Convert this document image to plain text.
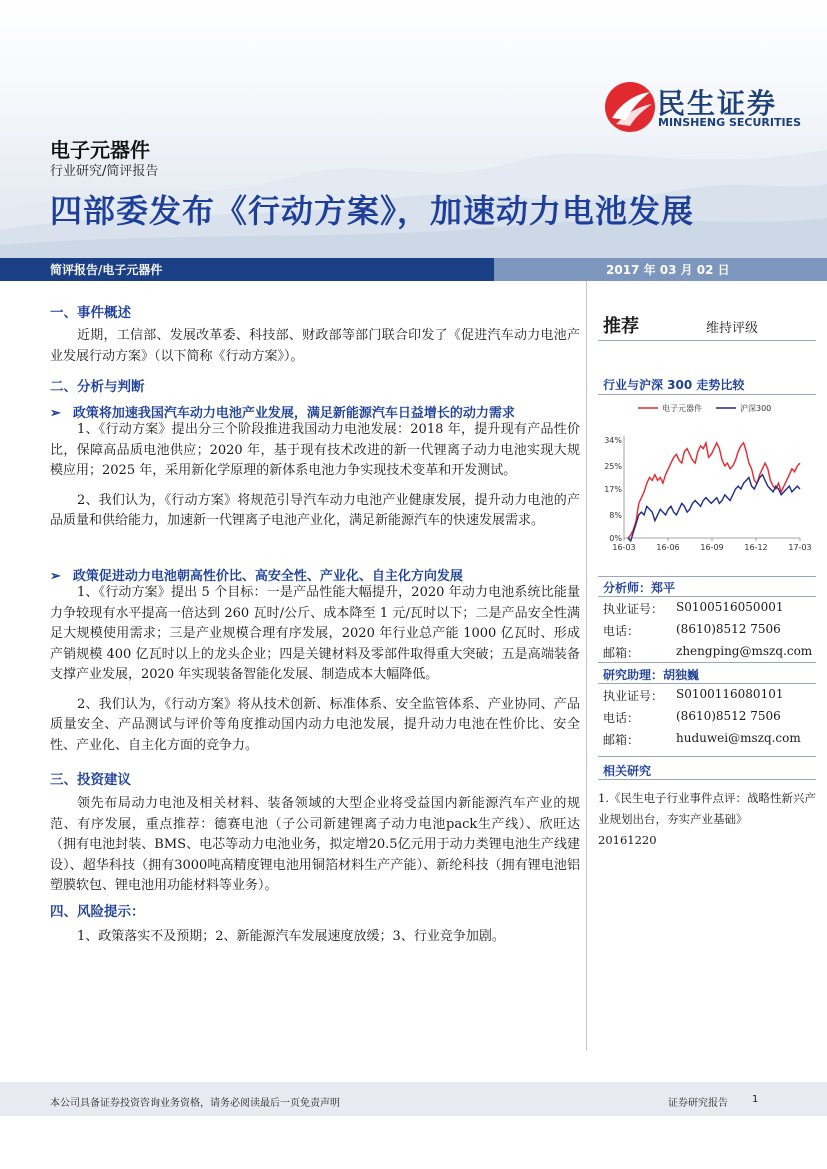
民生证券
MINSHENG SECURITIES
电子元器件
行业研究/简评报告
四部委发布《行动方案》，加速动力电池发展
简评报告/电子元器件	2017 年 03 月 02 日
一、事件概述

近期，工信部、发展改革委、科技部、财政部等部门联合印发了《促进汽车动力电池产业发展行动方案》（以下简称《行动方案》）。

二、分析与判断
➢ 政策将加速我国汽车动力电池产业发展，满足新能源汽车日益增长的动力需求

1、《行动方案》提出分三个阶段推进我国动力电池发展：2018 年，提升现有产品性价比，保障高品质电池供应；2020 年，基于现有技术改进的新一代锂离子动力电池实现大规模应用；2025 年，采用新化学原理的新体系电池力争实现技术变革和开发测试。

2、我们认为，《行动方案》将规范引导汽车动力电池产业健康发展，提升动力电池的产品质量和供给能力，加速新一代锂离子电池产业化，满足新能源汽车的快速发展需求。

➢ 政策促进动力电池朝高性价比、高安全性、产业化、自主化方向发展

1、《行动方案》提出 5 个目标：一是产品性能大幅提升，2020 年动力电池系统比能量力争较现有水平提高一倍达到 260 瓦时/公斤、成本降至 1 元/瓦时以下；二是产品安全性满足大规模使用需求；三是产业规模合理有序发展，2020 年行业总产能 1000 亿瓦时、形成产销规模 400 亿瓦时以上的龙头企业；四是关键材料及零部件取得重大突破；五是高端装备支撑产业发展，2020 年实现装备智能化发展、制造成本大幅降低。

2、我们认为，《行动方案》将从技术创新、标准体系、安全监管体系、产业协同、产品质量安全、产品测试与评价等角度推动国内动力电池发展，提升动力电池在性价比、安全性、产业化、自主化方面的竞争力。

三、投资建议

领先布局动力电池及相关材料、装备领域的大型企业将受益国内新能源汽车产业的规范、有序发展，重点推荐：德赛电池（子公司新建锂离子动力电池pack生产线）、欣旺达（拥有电池封装、BMS、电芯等动力电池业务，拟定增20.5亿元用于动力类锂电池生产线建设）、超华科技（拥有3000吨高精度锂电池用铜箔材料生产产能）、新纶科技（拥有锂电池铝塑膜软包、锂电池用功能材料等业务）。

四、风险提示：

1、政策落实不及预期；2、新能源汽车发展速度放缓；3、行业竞争加剧。

推荐	维持评级
行业与沪深 300 走势比较
电子元器件	沪深300
0%
8%
17%
25%
34%
16-03	16-06	16-09	16-12	17-03
分析师：郑平
执业证号： S0100516050001
电话：	(8610)8512 7506
邮箱：	zhengping@mszq.com
研究助理：胡独巍
执业证号： S0100116080101
电话：	(8610)8512 7506
邮箱：	huduwei@mszq.com
相关研究
1.《民生电子行业事件点评：战略性新兴产业规划出台，夯实产业基础》
20161220
本公司具备证券投资咨询业务资格，请务必阅读最后一页免责声明	证券研究报告 1
